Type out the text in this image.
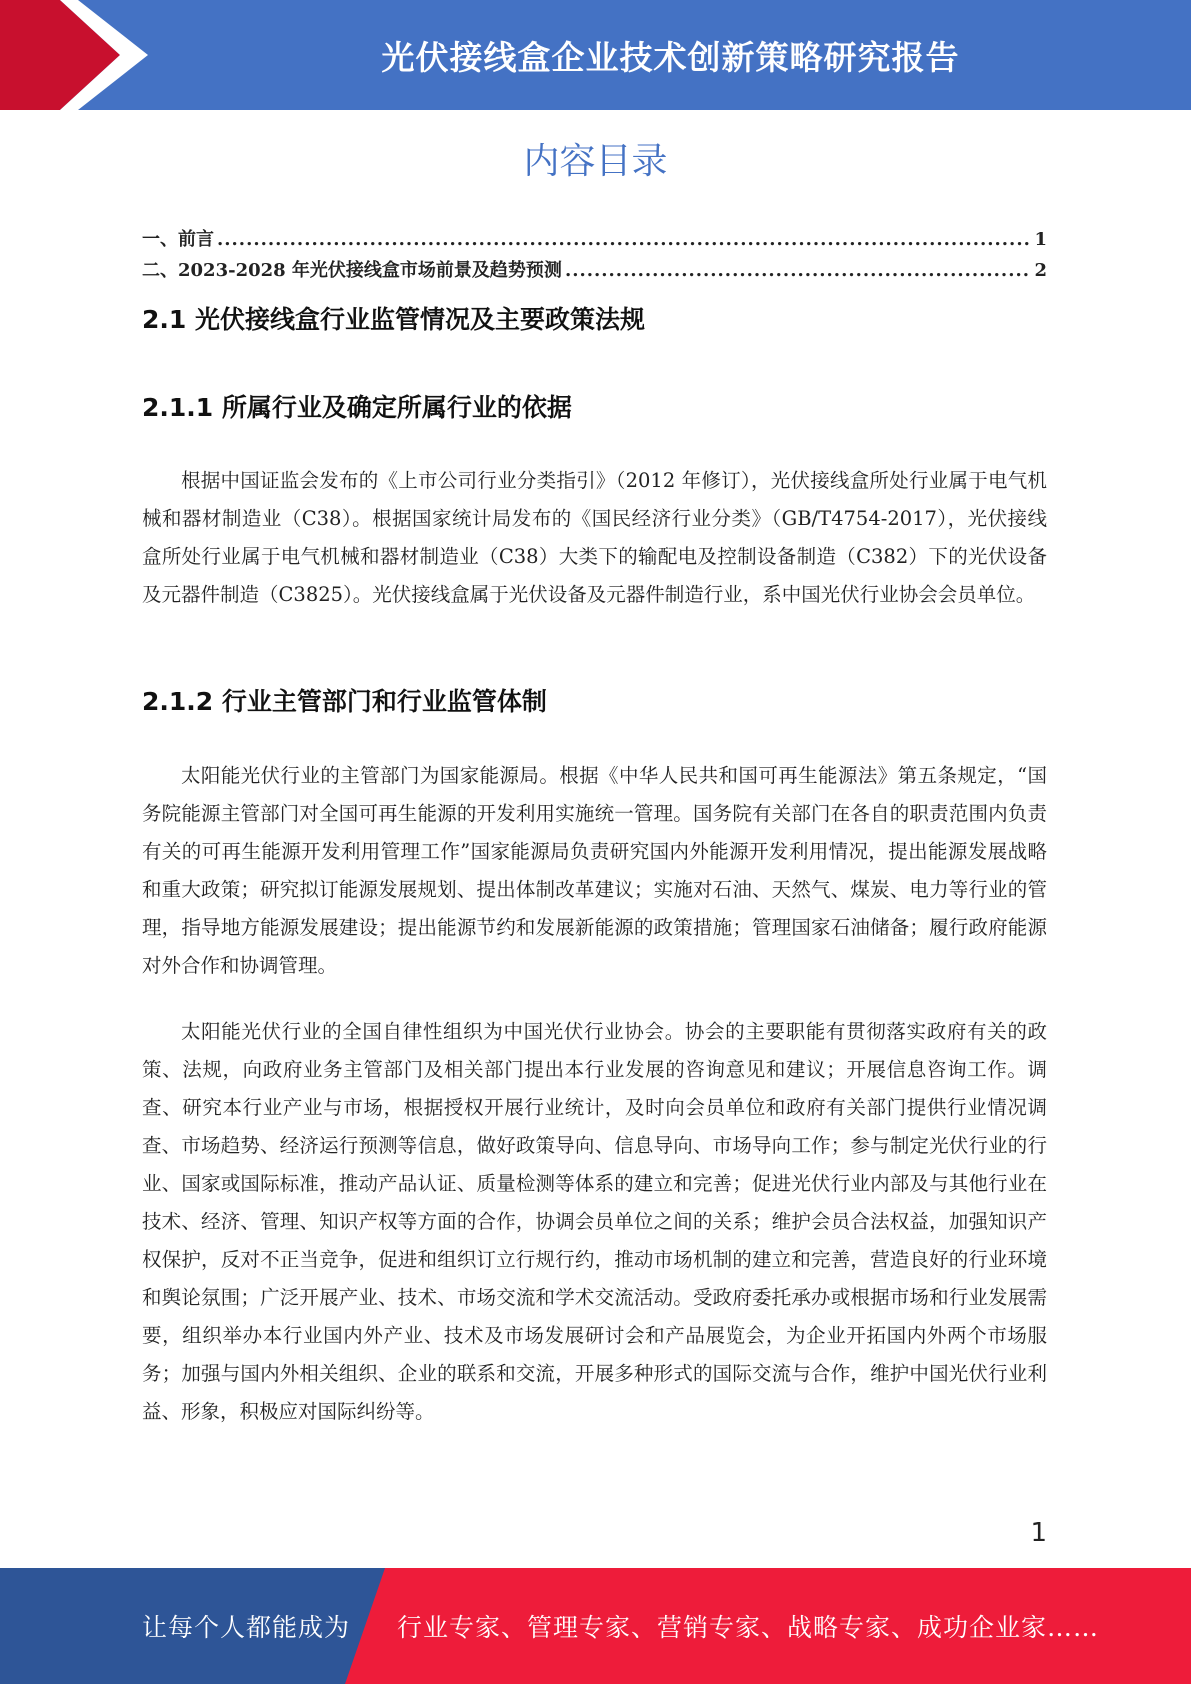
光伏接线盒企业技术创新策略研究报告
内容目录
一、前言 .....	1
二、2023-2028 年光伏接线盒市场前景及趋势预测 .....	2
2.1 光伏接线盒行业监管情况及主要政策法规
2.1.1 所属行业及确定所属行业的依据

根据中国证监会发布的《上市公司行业分类指引》（2012 年修订），光伏接线盒所处行业属于电气机械和器材制造业（C38）。根据国家统计局发布的《国民经济行业分类》（GB/T4754-2017），光伏接线盒所处行业属于电气机械和器材制造业（C38）大类下的输配电及控制设备制造（C382）下的光伏设备及元器件制造（C3825）。光伏接线盒属于光伏设备及元器件制造行业，系中国光伏行业协会会员单位。

2.1.2 行业主管部门和行业监管体制

太阳能光伏行业的主管部门为国家能源局。根据《中华人民共和国可再生能源法》第五条规定，“国务院能源主管部门对全国可再生能源的开发利用实施统一管理。国务院有关部门在各自的职责范围内负责有关的可再生能源开发利用管理工作”国家能源局负责研究国内外能源开发利用情况，提出能源发展战略和重大政策；研究拟订能源发展规划、提出体制改革建议；实施对石油、天然气、煤炭、电力等行业的管理，指导地方能源发展建设；提出能源节约和发展新能源的政策措施；管理国家石油储备；履行政府能源对外合作和协调管理。

太阳能光伏行业的全国自律性组织为中国光伏行业协会。协会的主要职能有贯彻落实政府有关的政策、法规，向政府业务主管部门及相关部门提出本行业发展的咨询意见和建议；开展信息咨询工作。调查、研究本行业产业与市场，根据授权开展行业统计，及时向会员单位和政府有关部门提供行业情况调查、市场趋势、经济运行预测等信息，做好政策导向、信息导向、市场导向工作；参与制定光伏行业的行业、国家或国际标准，推动产品认证、质量检测等体系的建立和完善；促进光伏行业内部及与其他行业在技术、经济、管理、知识产权等方面的合作，协调会员单位之间的关系；维护会员合法权益，加强知识产权保护，反对不正当竞争，促进和组织订立行规行约，推动市场机制的建立和完善，营造良好的行业环境和舆论氛围；广泛开展产业、技术、市场交流和学术交流活动。受政府委托承办或根据市场和行业发展需要，组织举办本行业国内外产业、技术及市场发展研讨会和产品展览会，为企业开拓国内外两个市场服务；加强与国内外相关组织、企业的联系和交流，开展多种形式的国际交流与合作，维护中国光伏行业利益、形象，积极应对国际纠纷等。

1
让每个人都能成为 行业专家、管理专家、营销专家、战略专家、成功企业家……
